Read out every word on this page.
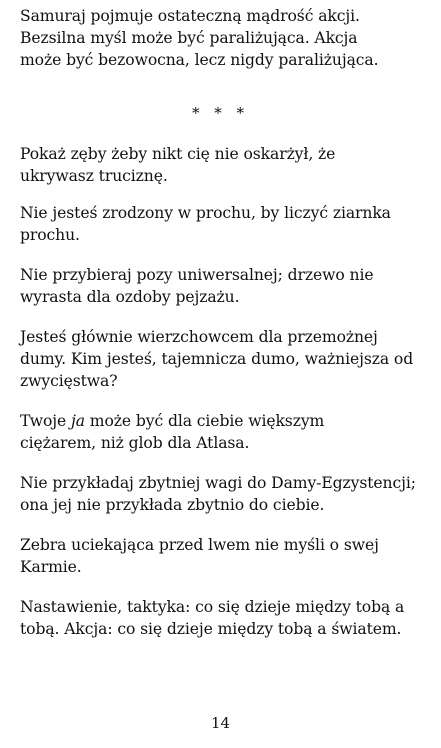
Samuraj pojmuje ostateczną mądrość akcji.
Bezsilna myśl może być paraliżująca. Akcja
może być bezowocna, lecz nigdy paraliżująca.
* * *
Pokaż zęby żeby nikt cię nie oskarżył, że
ukrywasz truciznę.
Nie jesteś zrodzony w prochu, by liczyć ziarnka
prochu.
Nie przybieraj pozy uniwersalnej; drzewo nie
wyrasta dla ozdoby pejzażu.
Jesteś głównie wierzchowcem dla przemożnej
dumy. Kim jesteś, tajemnicza dumo, ważniejsza od
zwycięstwa?
Twoje ja może być dla ciebie większym
ciężarem, niż glob dla Atlasa.
Nie przykładaj zbytniej wagi do Damy-Egzystencji;
ona jej nie przykłada zbytnio do ciebie.
Zebra uciekająca przed lwem nie myśli o swej
Karmie.
Nastawienie, taktyka: co się dzieje między tobą a
tobą. Akcja: co się dzieje między tobą a światem.
14
